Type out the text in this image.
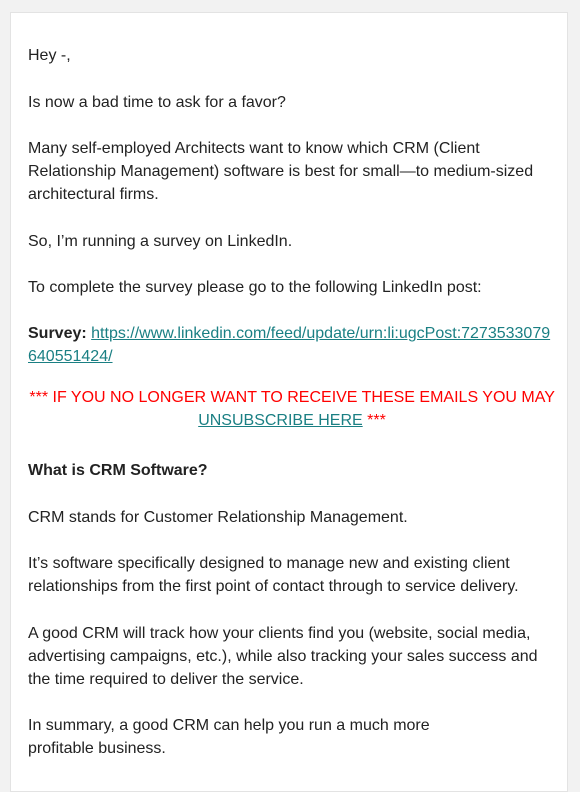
Hey -,

Is now a bad time to ask for a favor?

Many self-employed Architects want to know which CRM (Client Relationship Management) software is best for small—to medium-sized architectural firms.

So, I’m running a survey on LinkedIn.

To complete the survey please go to the following LinkedIn post:

Survey: https://www.linkedin.com/feed/update/urn:li:ugcPost:7273533079640551424/

*** IF YOU NO LONGER WANT TO RECEIVE THESE EMAILS YOU MAY UNSUBSCRIBE HERE ***

What is CRM Software?

CRM stands for Customer Relationship Management.

It’s software specifically designed to manage new and existing client relationships from the first point of contact through to service delivery.

A good CRM will track how your clients find you (website, social media, advertising campaigns, etc.), while also tracking your sales success and the time required to deliver the service.

In summary, a good CRM can help you run a much more profitable business.
